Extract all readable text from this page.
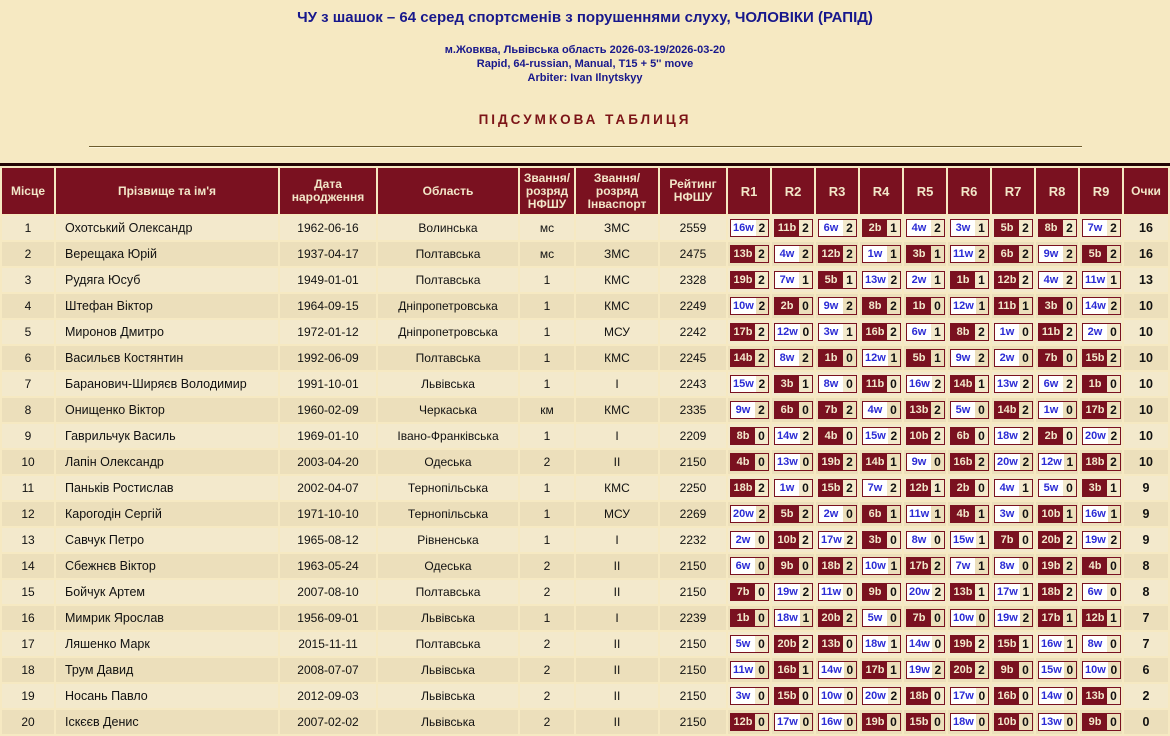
ЧУ з шашок – 64 серед спортсменів з порушеннями слуху, ЧОЛОВІКИ (РАПІД)
м.Жовква, Львівська область 2026-03-19/2026-03-20
Rapid, 64-russian, Manual, T15 + 5'' move
Arbiter: Ivan Ilnytskyy
ПІДСУМКОВА ТАБЛИЦЯ
Місце	Прізвище та ім'я	Дата народження	Область	Звання/ розряд НФШУ	Звання/ розряд Інваспорт	Рейтинг НФШУ	R1	R2	R3	R4	R5	R6	R7	R8	R9	Очки
1	Охотський Олександр	1962-06-16	Волинська	мс	ЗМС	2559	16w 2	11b 2	6w 2	2b 1	4w 2	3w 1	5b 2	8b 2	7w 2	16
2	Верещака Юрій	1937-04-17	Полтавська	мс	ЗМС	2475	13b 2	4w 2	12b 2	1w 1	3b 1	11w 2	6b 2	9w 2	5b 2	16
3	Рудяга Юсуб	1949-01-01	Полтавська	1	КМС	2328	19b 2	7w 1	5b 1	13w 2	2w 1	1b 1	12b 2	4w 2	11w 1	13
4	Штефан Віктор	1964-09-15	Дніпропетровська	1	КМС	2249	10w 2	2b 0	9w 2	8b 2	1b 0	12w 1	11b 1	3b 0	14w 2	10
5	Миронов Дмитро	1972-01-12	Дніпропетровська	1	МСУ	2242	17b 2	12w 0	3w 1	16b 2	6w 1	8b 2	1w 0	11b 2	2w 0	10
6	Васильєв Костянтин	1992-06-09	Полтавська	1	КМС	2245	14b 2	8w 2	1b 0	12w 1	5b 1	9w 2	2w 0	7b 0	15b 2	10
7	Баранович-Ширяєв Володимир	1991-10-01	Львівська	1	I	2243	15w 2	3b 1	8w 0	11b 0	16w 2	14b 1	13w 2	6w 2	1b 0	10
8	Онищенко Віктор	1960-02-09	Черкаська	км	КМС	2335	9w 2	6b 0	7b 2	4w 0	13b 2	5w 0	14b 2	1w 0	17b 2	10
9	Гаврильчук Василь	1969-01-10	Івано-Франківська	1	I	2209	8b 0	14w 2	4b 0	15w 2	10b 2	6b 0	18w 2	2b 0	20w 2	10
10	Лапін Олександр	2003-04-20	Одеська	2	II	2150	4b 0	13w 0	19b 2	14b 1	9w 0	16b 2	20w 2	12w 1	18b 2	10
11	Паньків Ростислав	2002-04-07	Тернопільська	1	КМС	2250	18b 2	1w 0	15b 2	7w 2	12b 1	2b 0	4w 1	5w 0	3b 1	9
12	Карогодін Сергій	1971-10-10	Тернопільська	1	МСУ	2269	20w 2	5b 2	2w 0	6b 1	11w 1	4b 1	3w 0	10b 1	16w 1	9
13	Савчук Петро	1965-08-12	Рівненська	1	I	2232	2w 0	10b 2	17w 2	3b 0	8w 0	15w 1	7b 0	20b 2	19w 2	9
14	Сбежнєв Віктор	1963-05-24	Одеська	2	II	2150	6w 0	9b 0	18b 2	10w 1	17b 2	7w 1	8w 0	19b 2	4b 0	8
15	Бойчук Артем	2007-08-10	Полтавська	2	II	2150	7b 0	19w 2	11w 0	9b 0	20w 2	13b 1	17w 1	18b 2	6w 0	8
16	Мимрик Ярослав	1956-09-01	Львівська	1	I	2239	1b 0	18w 1	20b 2	5w 0	7b 0	10w 0	19w 2	17b 1	12b 1	7
17	Ляшенко Марк	2015-11-11	Полтавська	2	II	2150	5w 0	20b 2	13b 0	18w 1	14w 0	19b 2	15b 1	16w 1	8w 0	7
18	Трум Давид	2008-07-07	Львівська	2	II	2150	11w 0	16b 1	14w 0	17b 1	19w 2	20b 2	9b 0	15w 0	10w 0	6
19	Носань Павло	2012-09-03	Львівська	2	II	2150	3w 0	15b 0	10w 0	20w 2	18b 0	17w 0	16b 0	14w 0	13b 0	2
20	Іскєєв Денис	2007-02-02	Львівська	2	II	2150	12b 0	17w 0	16w 0	19b 0	15b 0	18w 0	10b 0	13w 0	9b 0	0
